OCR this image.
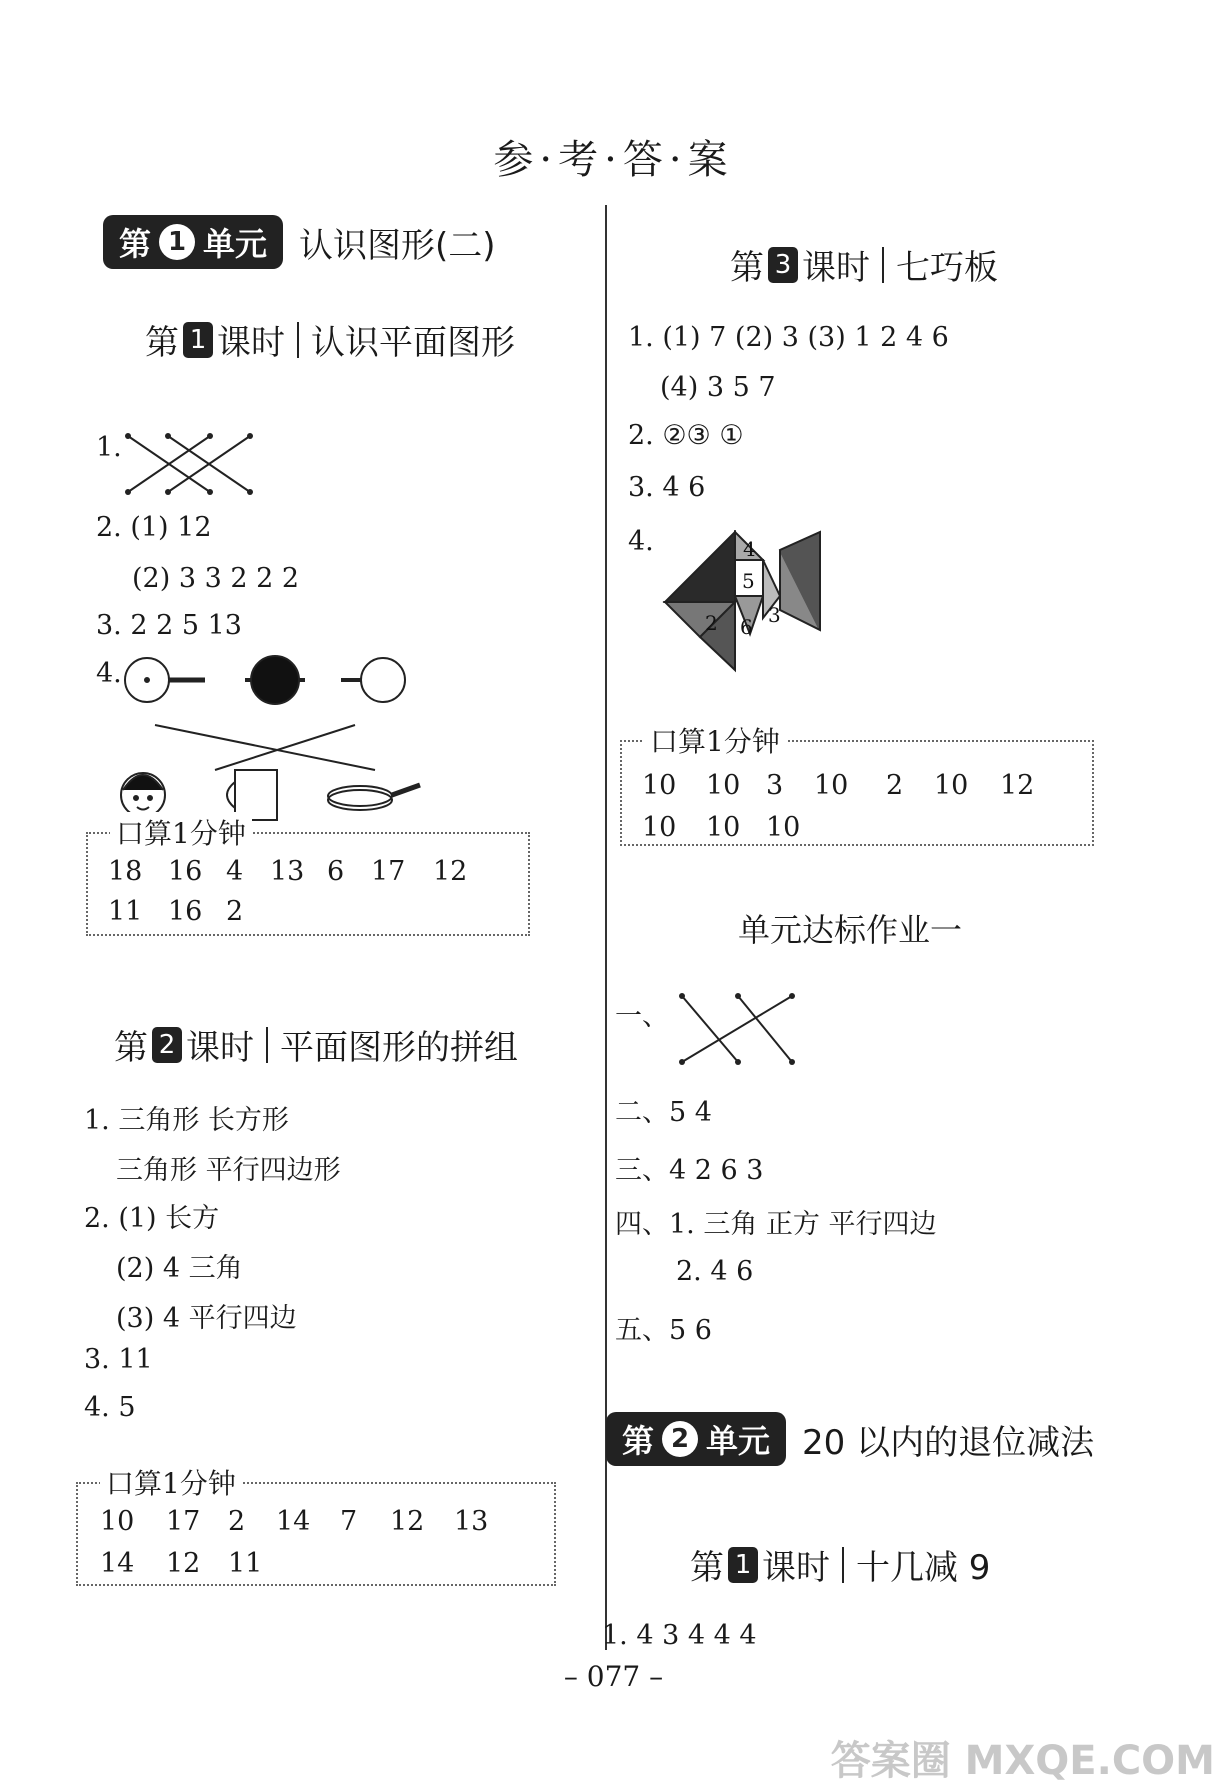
参·考·答·案
第 1 单元 认识图形(二)
第 1 课时 认识平面图形
1.
2. (1) 12
(2) 3 3 2 2 2
3. 2 2 5 13
4.
口算1分钟
18 16 4 13 6 17	12
11 16 2
第 2 课时 平面图形的拼组
1. 三角形 长方形
三角形 平行四边形
2. (1) 长方
(2) 4 三角
(3) 4 平行四边
3. 11
4. 5
口算1分钟
10	17	2	14	7	12	13
14	12	11
第 3 课时 七巧板
1. (1) 7 (2) 3 (3) 1 2 4 6
(4) 3 5 7
2. ②③ ①
3. 4 6
4.	4
5
2	3
6
口算1分钟
10	10 3	10	2	10	12
10	10 10
单元达标作业一
一、
二、5 4
三、4 2 6 3
四、1. 三角 正方 平行四边
2. 4 6
五、5 6
第 2 单元 20 以内的退位减法
第 1 课时 十几减 9
1. 4 3 4 4 4
– 077 –
答案圈 MXQE.COM
